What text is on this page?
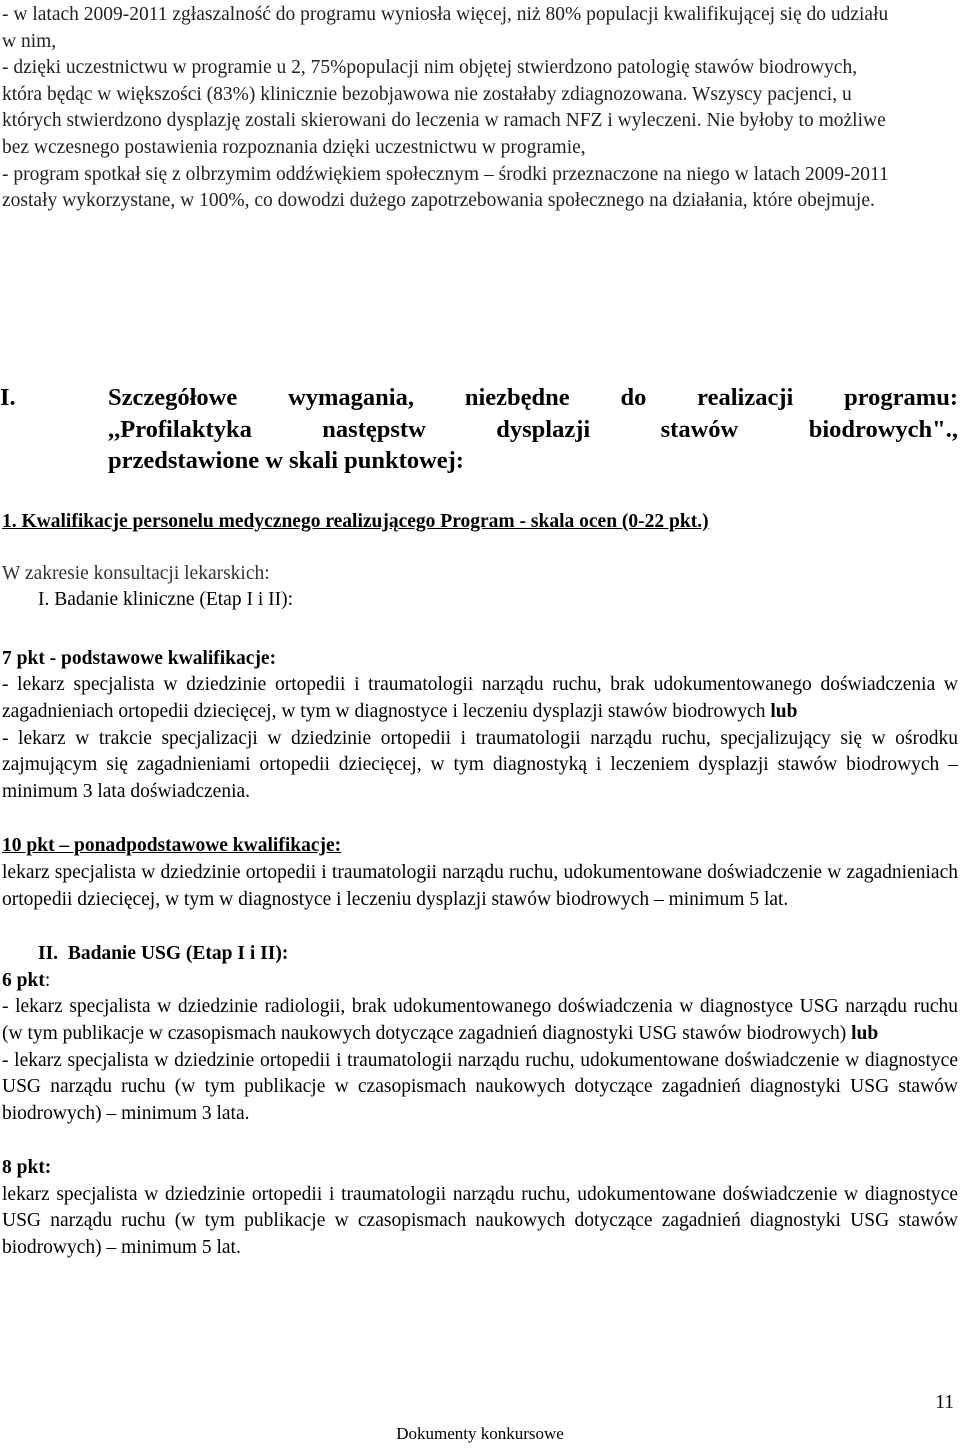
- w latach 2009-2011 zgłaszalność do programu wyniosła więcej, niż 80% populacji kwalifikującej się do udziału w nim,

- dzięki uczestnictwu w programie u 2, 75%populacji nim objętej stwierdzono patologię stawów biodrowych, która będąc w większości (83%) klinicznie bezobjawowa nie zostałaby zdiagnozowana. Wszyscy pacjenci, u których stwierdzono dysplazję zostali skierowani do leczenia w ramach NFZ i wyleczeni. Nie byłoby to możliwe bez wczesnego postawienia rozpoznania dzięki uczestnictwu w programie,

- program spotkał się z olbrzymim oddźwiękiem społecznym – środki przeznaczone na niego w latach 2009-2011 zostały wykorzystane, w 100%, co dowodzi dużego zapotrzebowania społecznego na działania, które obejmuje.

I.	Szczegółowe wymagania, niezbędne do realizacji programu:
,,Profilaktyka następstw dysplazji stawów biodrowych".,
przedstawione w skali punktowej:

1. Kwalifikacje personelu medycznego realizującego Program - skala ocen (0-22 pkt.)

W zakresie konsultacji lekarskich:

I. Badanie kliniczne (Etap I i II):

7 pkt - podstawowe kwalifikacje:

- lekarz specjalista w dziedzinie ortopedii i traumatologii narządu ruchu, brak udokumentowanego doświadczenia w zagadnieniach ortopedii dziecięcej, w tym w diagnostyce i leczeniu dysplazji stawów biodrowych lub

- lekarz w trakcie specjalizacji w dziedzinie ortopedii i traumatologii narządu ruchu, specjalizujący się w ośrodku zajmującym się zagadnieniami ortopedii dziecięcej, w tym diagnostyką i leczeniem dysplazji stawów biodrowych – minimum 3 lata doświadczenia.

10 pkt – ponadpodstawowe kwalifikacje:

lekarz specjalista w dziedzinie ortopedii i traumatologii narządu ruchu, udokumentowane doświadczenie w zagadnieniach ortopedii dziecięcej, w tym w diagnostyce i leczeniu dysplazji stawów biodrowych – minimum 5 lat.

II. Badanie USG (Etap I i II):

6 pkt:

- lekarz specjalista w dziedzinie radiologii, brak udokumentowanego doświadczenia w diagnostyce USG narządu ruchu (w tym publikacje w czasopismach naukowych dotyczące zagadnień diagnostyki USG stawów biodrowych) lub

- lekarz specjalista w dziedzinie ortopedii i traumatologii narządu ruchu, udokumentowane doświadczenie w diagnostyce USG narządu ruchu (w tym publikacje w czasopismach naukowych dotyczące zagadnień diagnostyki USG stawów biodrowych) – minimum 3 lata.

8 pkt:

lekarz specjalista w dziedzinie ortopedii i traumatologii narządu ruchu, udokumentowane doświadczenie w diagnostyce USG narządu ruchu (w tym publikacje w czasopismach naukowych dotyczące zagadnień diagnostyki USG stawów biodrowych) – minimum 5 lat.

11
Dokumenty konkursowe
